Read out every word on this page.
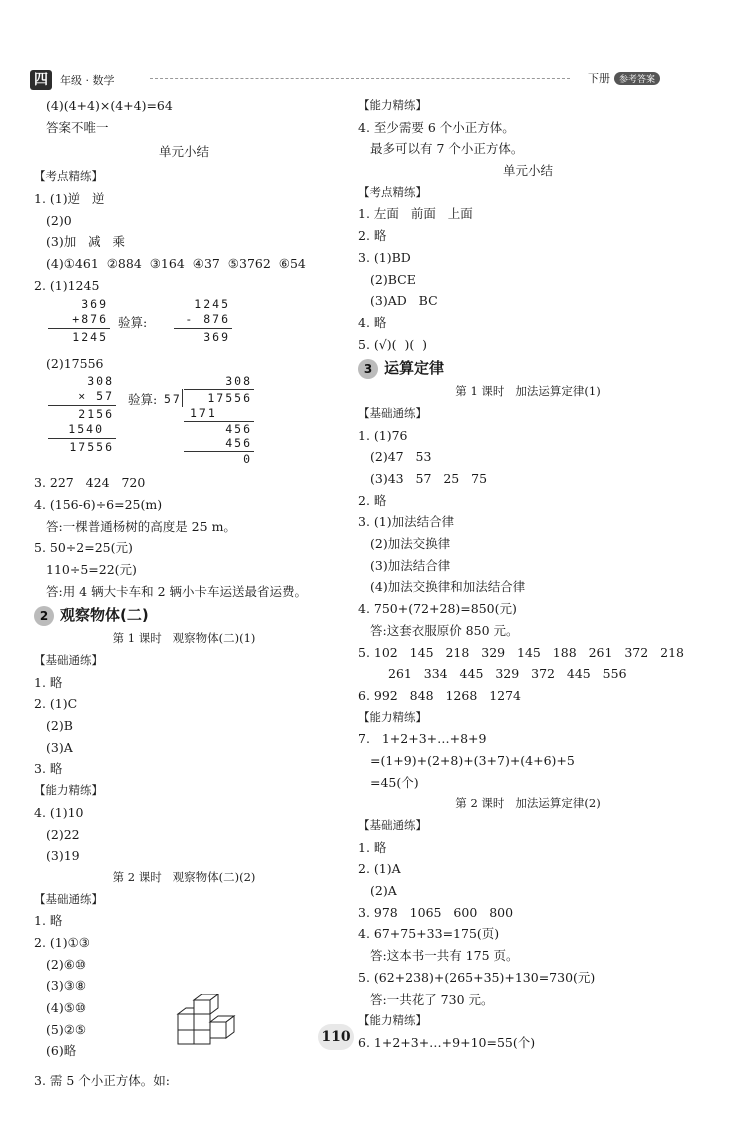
四	年级 · 数学	下册 参考答案
(4)(4+4)×(4+4)=64
答案不唯一
单元小结
【考点精练】
1. (1)逆   逆
(2)0
(3)加   减   乘
(4)①461  ②884  ③164  ④37  ⑤3762  ⑥54
2. (1)1245
369
+876
1245
验算:
1245
- 876
369
(2)17556
308
× 57
2156
1540
17556
验算: 57
308
17556
171
456
456
0
3. 227   424   720
4. (156-6)÷6=25(m)
答:一棵普通杨树的高度是 25 m。
5. 50÷2=25(元)
110÷5=22(元)
答:用 4 辆大卡车和 2 辆小卡车运送最省运费。
2 观察物体(二)
第 1 课时   观察物体(二)(1)
【基础通练】
1. 略
2. (1)C
(2)B
(3)A
3. 略
【能力精练】
4. (1)10
(2)22
(3)19
第 2 课时   观察物体(二)(2)
【基础通练】
1. 略
2. (1)①③
(2)⑥⑩
(3)③⑧
(4)⑤⑩
(5)②⑤
(6)略
3. 需 5 个小正方体。如:
【能力精练】
4. 至少需要 6 个小正方体。
最多可以有 7 个小正方体。
单元小结
【考点精练】
1. 左面   前面   上面
2. 略
3. (1)BD
(2)BCE
(3)AD   BC
4. 略
5. (√)(  )(  )
3 运算定律
第 1 课时   加法运算定律(1)
【基础通练】
1. (1)76
(2)47   53
(3)43   57   25   75
2. 略
3. (1)加法结合律
(2)加法交换律
(3)加法结合律
(4)加法交换律和加法结合律
4. 750+(72+28)=850(元)
答:这套衣服原价 850 元。
5. 102   145   218   329   145   188   261   372   218
261   334   445   329   372   445   556
6. 992   848   1268   1274
【能力精练】
7.   1+2+3+…+8+9
=(1+9)+(2+8)+(3+7)+(4+6)+5
=45(个)
第 2 课时   加法运算定律(2)
【基础通练】
1. 略
2. (1)A
(2)A
3. 978   1065   600   800
4. 67+75+33=175(页)
答:这本书一共有 175 页。
5. (62+238)+(265+35)+130=730(元)
答:一共花了 730 元。
【能力精练】
6. 1+2+3+…+9+10=55(个)
110
